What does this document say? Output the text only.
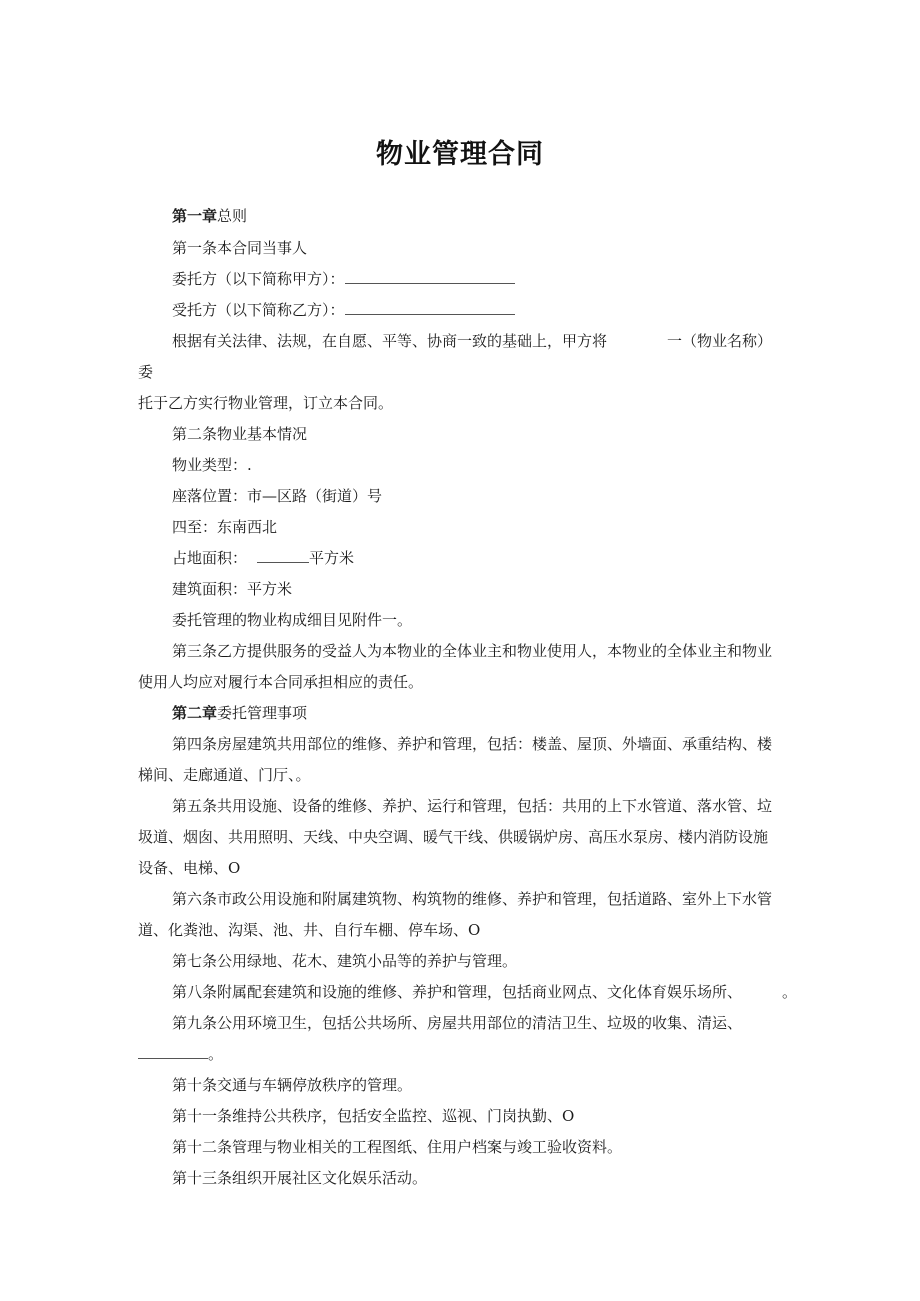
物业管理合同
第一章总则
第一条本合同当事人
委托方（以下简称甲方）：
受托方（以下简称乙方）：
根据有关法律、法规，在自愿、平等、协商一致的基础上，甲方将	一（物业名称）
委
托于乙方实行物业管理，订立本合同。
第二条物业基本情况
物业类型：.
座落位置：市—区路（街道）号
四至：东南西北
占地面积：	平方米
建筑面积：平方米
委托管理的物业构成细目见附件一。
第三条乙方提供服务的受益人为本物业的全体业主和物业使用人，本物业的全体业主和物业
使用人均应对履行本合同承担相应的责任。
第二章委托管理事项
第四条房屋建筑共用部位的维修、养护和管理，包括：楼盖、屋顶、外墙面、承重结构、楼
梯间、走廊通道、门厅、。
第五条共用设施、设备的维修、养护、运行和管理，包括：共用的上下水管道、落水管、垃
圾道、烟囱、共用照明、天线、中央空调、暖气干线、供暖锅炉房、高压水泵房、楼内消防设施
设备、电梯、O
第六条市政公用设施和附属建筑物、构筑物的维修、养护和管理，包括道路、室外上下水管
道、化粪池、沟渠、池、井、自行车棚、停车场、O
第七条公用绿地、花木、建筑小品等的养护与管理。
第八条附属配套建筑和设施的维修、养护和管理，包括商业网点、文化体育娱乐场所、	。
第九条公用环境卫生，包括公共场所、房屋共用部位的清洁卫生、垃圾的收集、清运、
。
第十条交通与车辆停放秩序的管理。
第十一条维持公共秩序，包括安全监控、巡视、门岗执勤、O
第十二条管理与物业相关的工程图纸、住用户档案与竣工验收资料。
第十三条组织开展社区文化娱乐活动。
